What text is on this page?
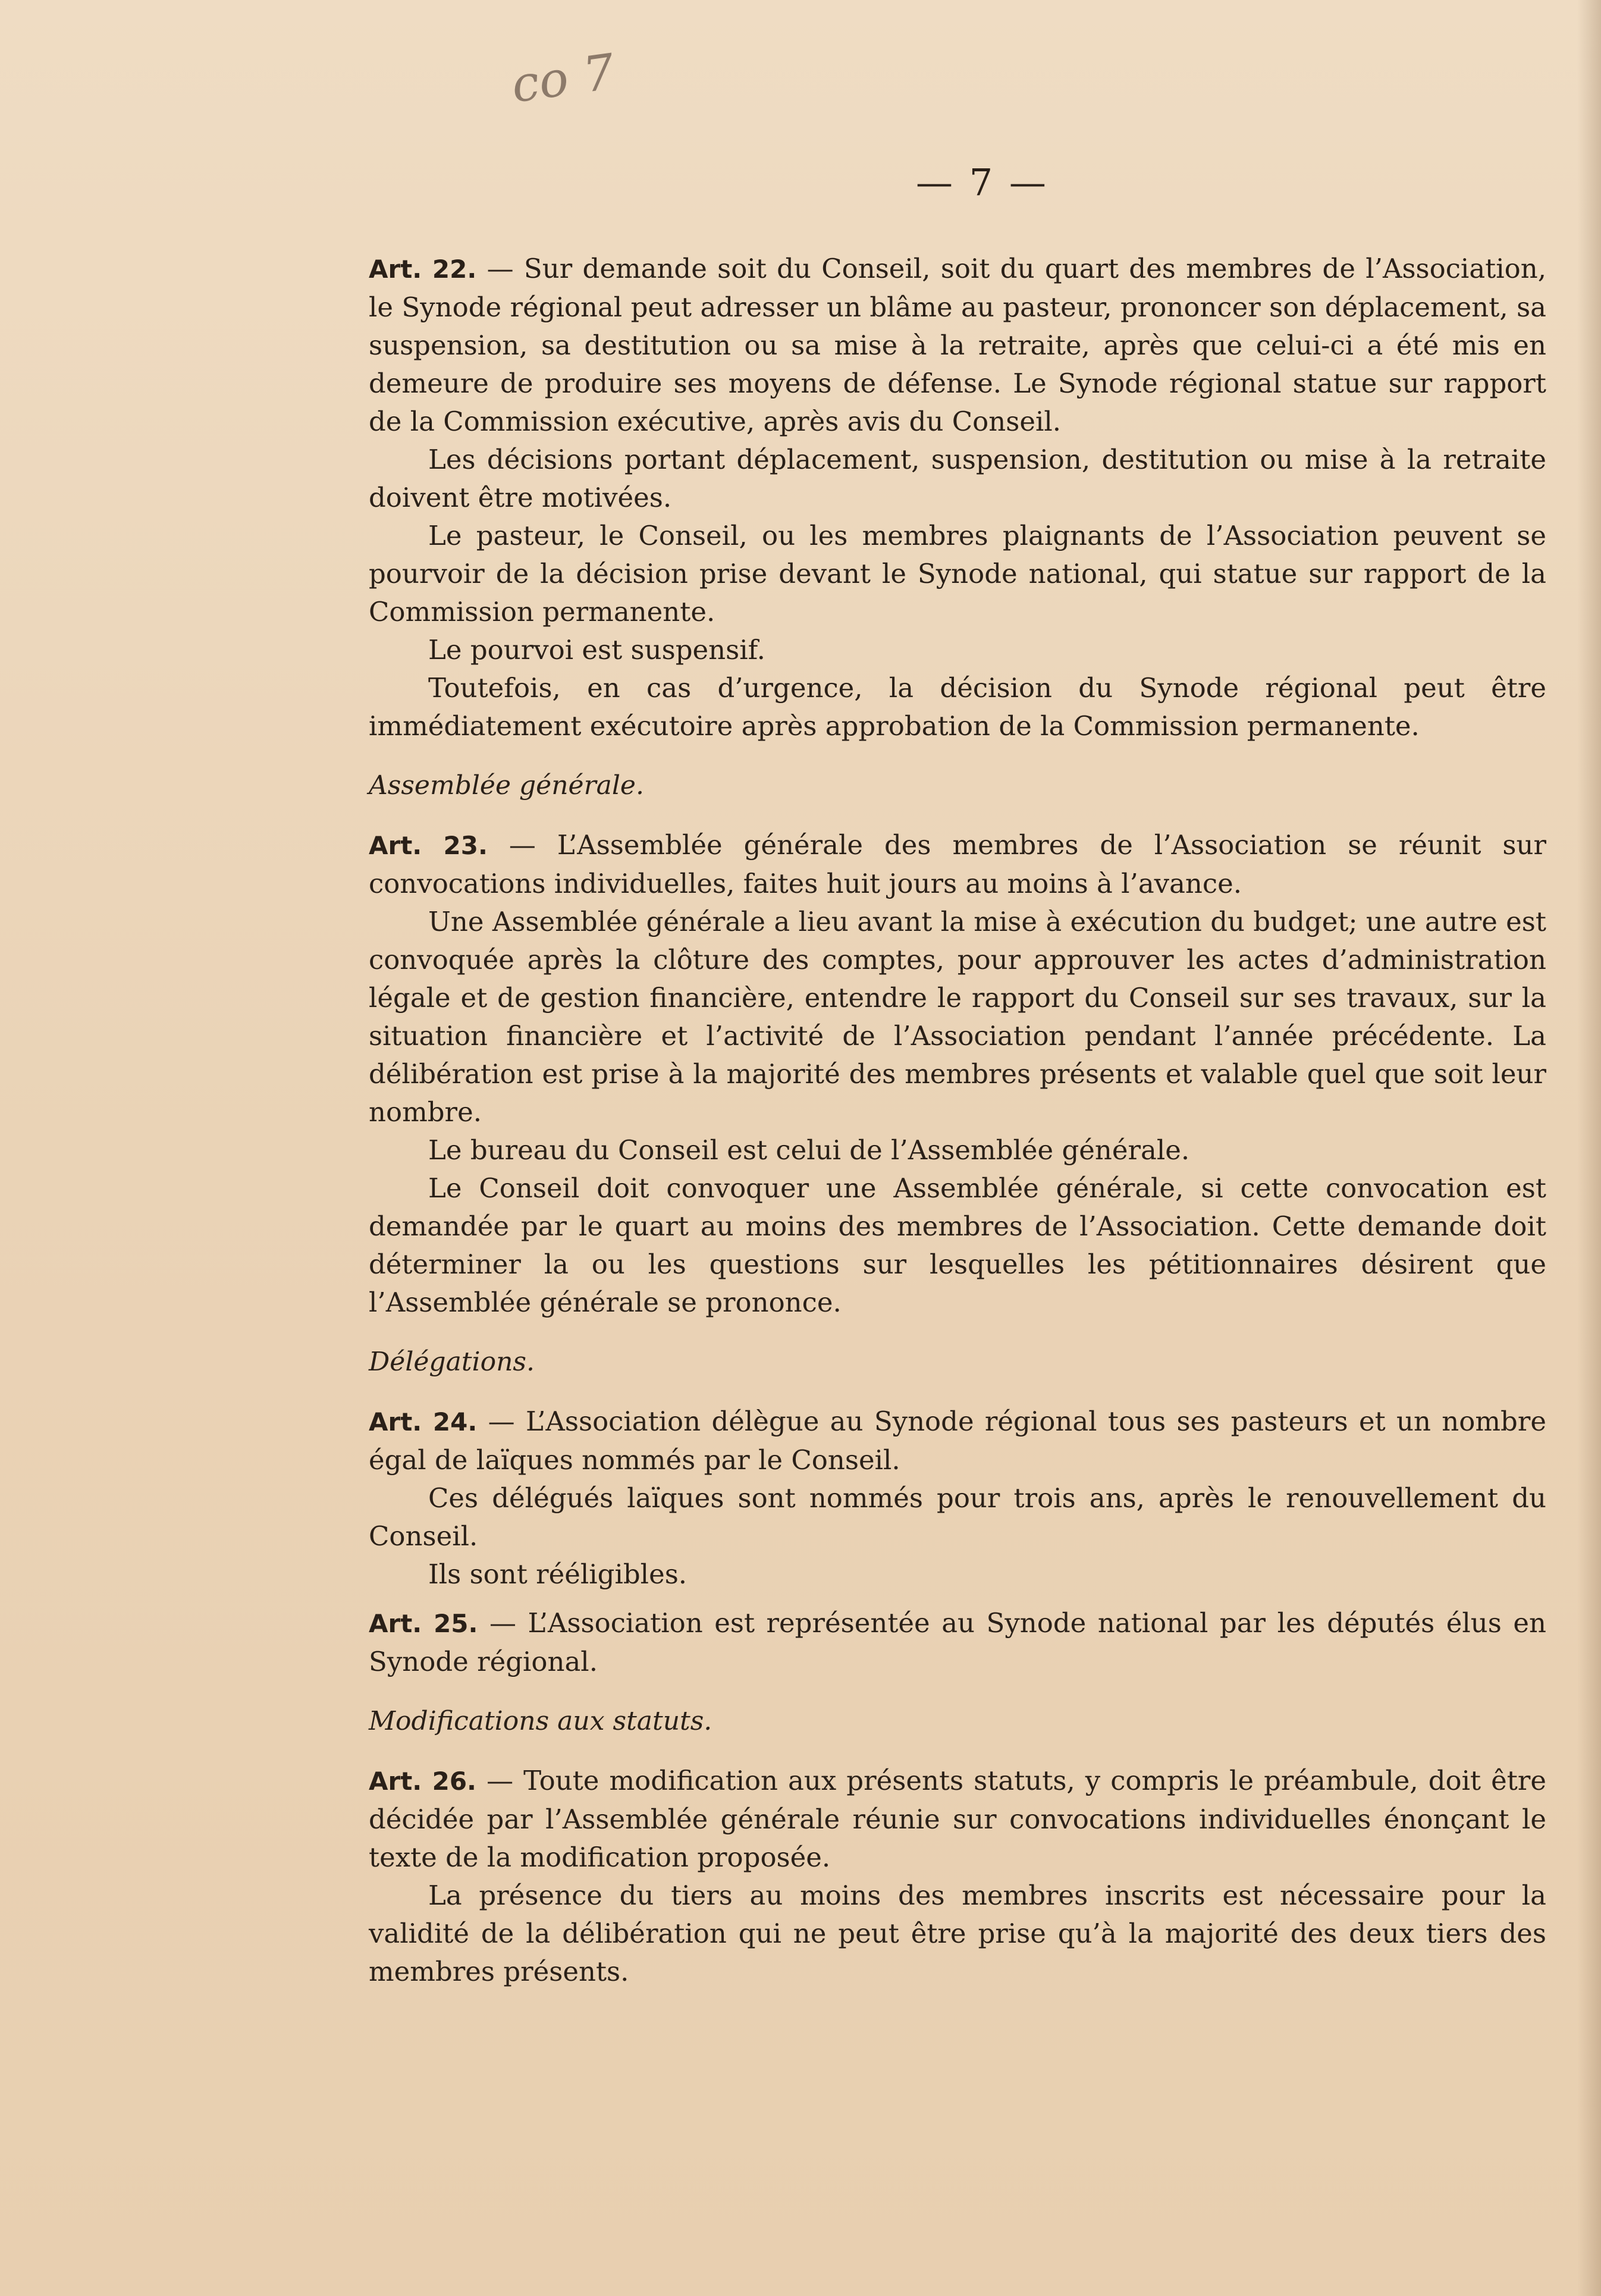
co 7
— 7 —

Art. 22. — Sur demande soit du Conseil, soit du quart des membres de l’Association, le Synode régional peut adresser un blâme au pasteur, prononcer son déplacement, sa suspension, sa destitution ou sa mise à la retraite, après que celui-ci a été mis en demeure de produire ses moyens de défense. Le Synode régional statue sur rapport de la Commission exécutive, après avis du Conseil.

Les décisions portant déplacement, suspension, destitution ou mise à la retraite doivent être motivées.

Le pasteur, le Conseil, ou les membres plaignants de l’Association peuvent se pourvoir de la décision prise devant le Synode national, qui statue sur rapport de la Commission permanente.

Le pourvoi est suspensif.

Toutefois, en cas d’urgence, la décision du Synode régional peut être immédiatement exécutoire après approbation de la Commission permanente.

Assemblée générale.

Art. 23. — L’Assemblée générale des membres de l’Association se réunit sur convocations individuelles, faites huit jours au moins à l’avance.

Une Assemblée générale a lieu avant la mise à exécution du budget; une autre est convoquée après la clôture des comptes, pour approuver les actes d’administration légale et de gestion financière, entendre le rapport du Conseil sur ses travaux, sur la situation financière et l’activité de l’Association pendant l’année précédente. La délibération est prise à la majorité des membres présents et valable quel que soit leur nombre.

Le bureau du Conseil est celui de l’Assemblée générale.

Le Conseil doit convoquer une Assemblée générale, si cette convocation est demandée par le quart au moins des membres de l’Association. Cette demande doit déterminer la ou les questions sur lesquelles les pétitionnaires désirent que l’Assemblée générale se prononce.

Délégations.

Art. 24. — L’Association délègue au Synode régional tous ses pasteurs et un nombre égal de laïques nommés par le Conseil.

Ces délégués laïques sont nommés pour trois ans, après le renouvellement du Conseil.

Ils sont rééligibles.

Art. 25. — L’Association est représentée au Synode national par les députés élus en Synode régional.

Modifications aux statuts.

Art. 26. — Toute modification aux présents statuts, y compris le préambule, doit être décidée par l’Assemblée générale réunie sur convocations individuelles énonçant le texte de la modification proposée.

La présence du tiers au moins des membres inscrits est nécessaire pour la validité de la délibération qui ne peut être prise qu’à la majorité des deux tiers des membres présents.
